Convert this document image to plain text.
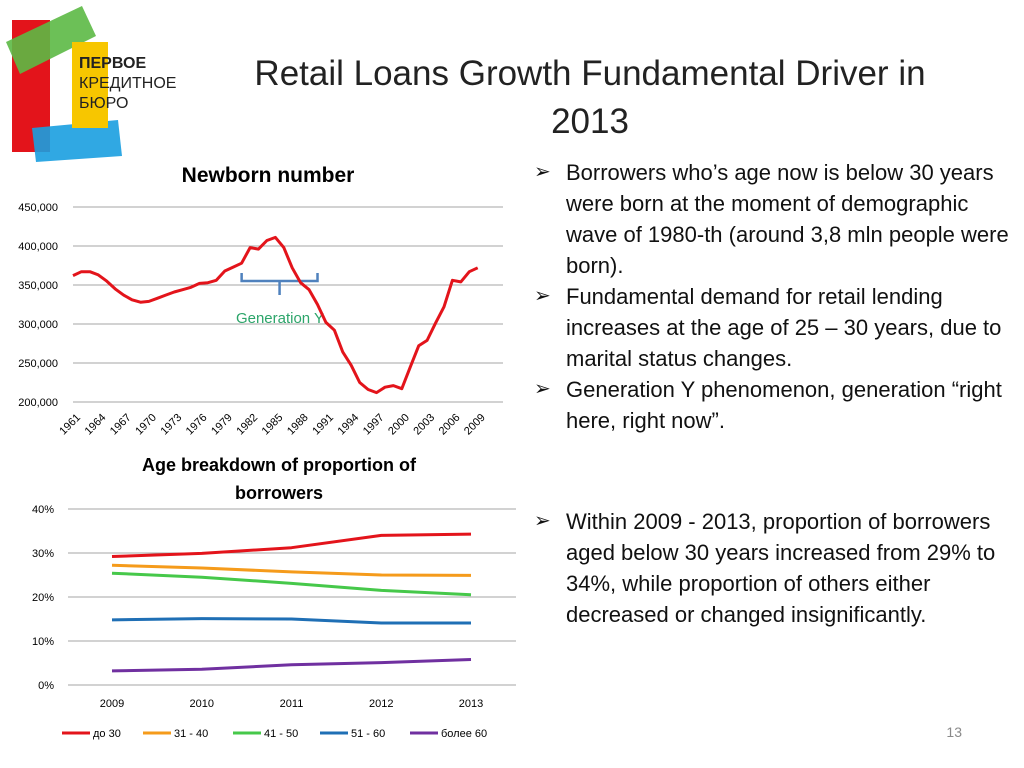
ПЕРВОЕ
КРЕДИТНОЕ
БЮРО
Retail Loans Growth Fundamental Driver in
2013
Newborn number
200,000
250,000
300,000
350,000
400,000
450,000
1961 1964 1967 1970 1973 1976 1979 1982 1985 1988 1991 1994 1997 2000 2003 2006 2009
Generation Y
Age breakdown of proportion of
borrowers
0%
10%
20%
30%
40%
2009	2010	2011	2012	2013
до 30	31 - 40	41 - 50	51 - 60	более 60
➢ Borrowers who’s age now is below 30 years were born at the moment of demographic wave of 1980-th (around 3,8 mln people were born).
➢ Fundamental demand for retail lending increases at the age of 25 – 30 years, due to marital status changes.
➢ Generation Y phenomenon, generation “right here, right now”.
➢ Within 2009 - 2013, proportion of borrowers aged below 30 years increased from 29% to 34%, while proportion of others either decreased or changed insignificantly.
13
